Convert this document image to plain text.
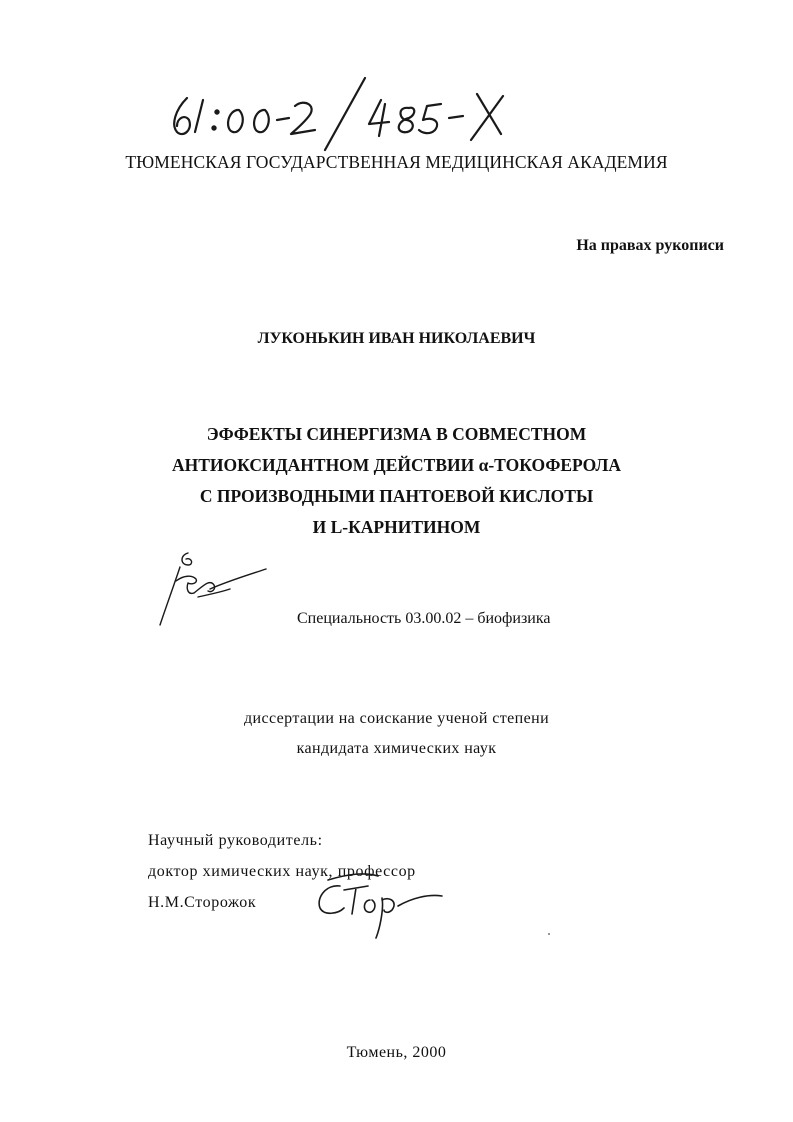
ТЮМЕНСКАЯ ГОСУДАРСТВЕННАЯ МЕДИЦИНСКАЯ АКАДЕМИЯ
На правах рукописи
ЛУКОНЬКИН ИВАН НИКОЛАЕВИЧ
ЭФФЕКТЫ СИНЕРГИЗМА В СОВМЕСТНОМ
АНТИОКСИДАНТНОМ ДЕЙСТВИИ α-ТОКОФЕРОЛА
С ПРОИЗВОДНЫМИ ПАНТОЕВОЙ КИСЛОТЫ
И L-КАРНИТИНОМ
Специальность 03.00.02 – биофизика
диссертации на соискание ученой степени
кандидата химических наук
Научный руководитель:
доктор химических наук, профессор
Н.М.Сторожок
Тюмень, 2000
